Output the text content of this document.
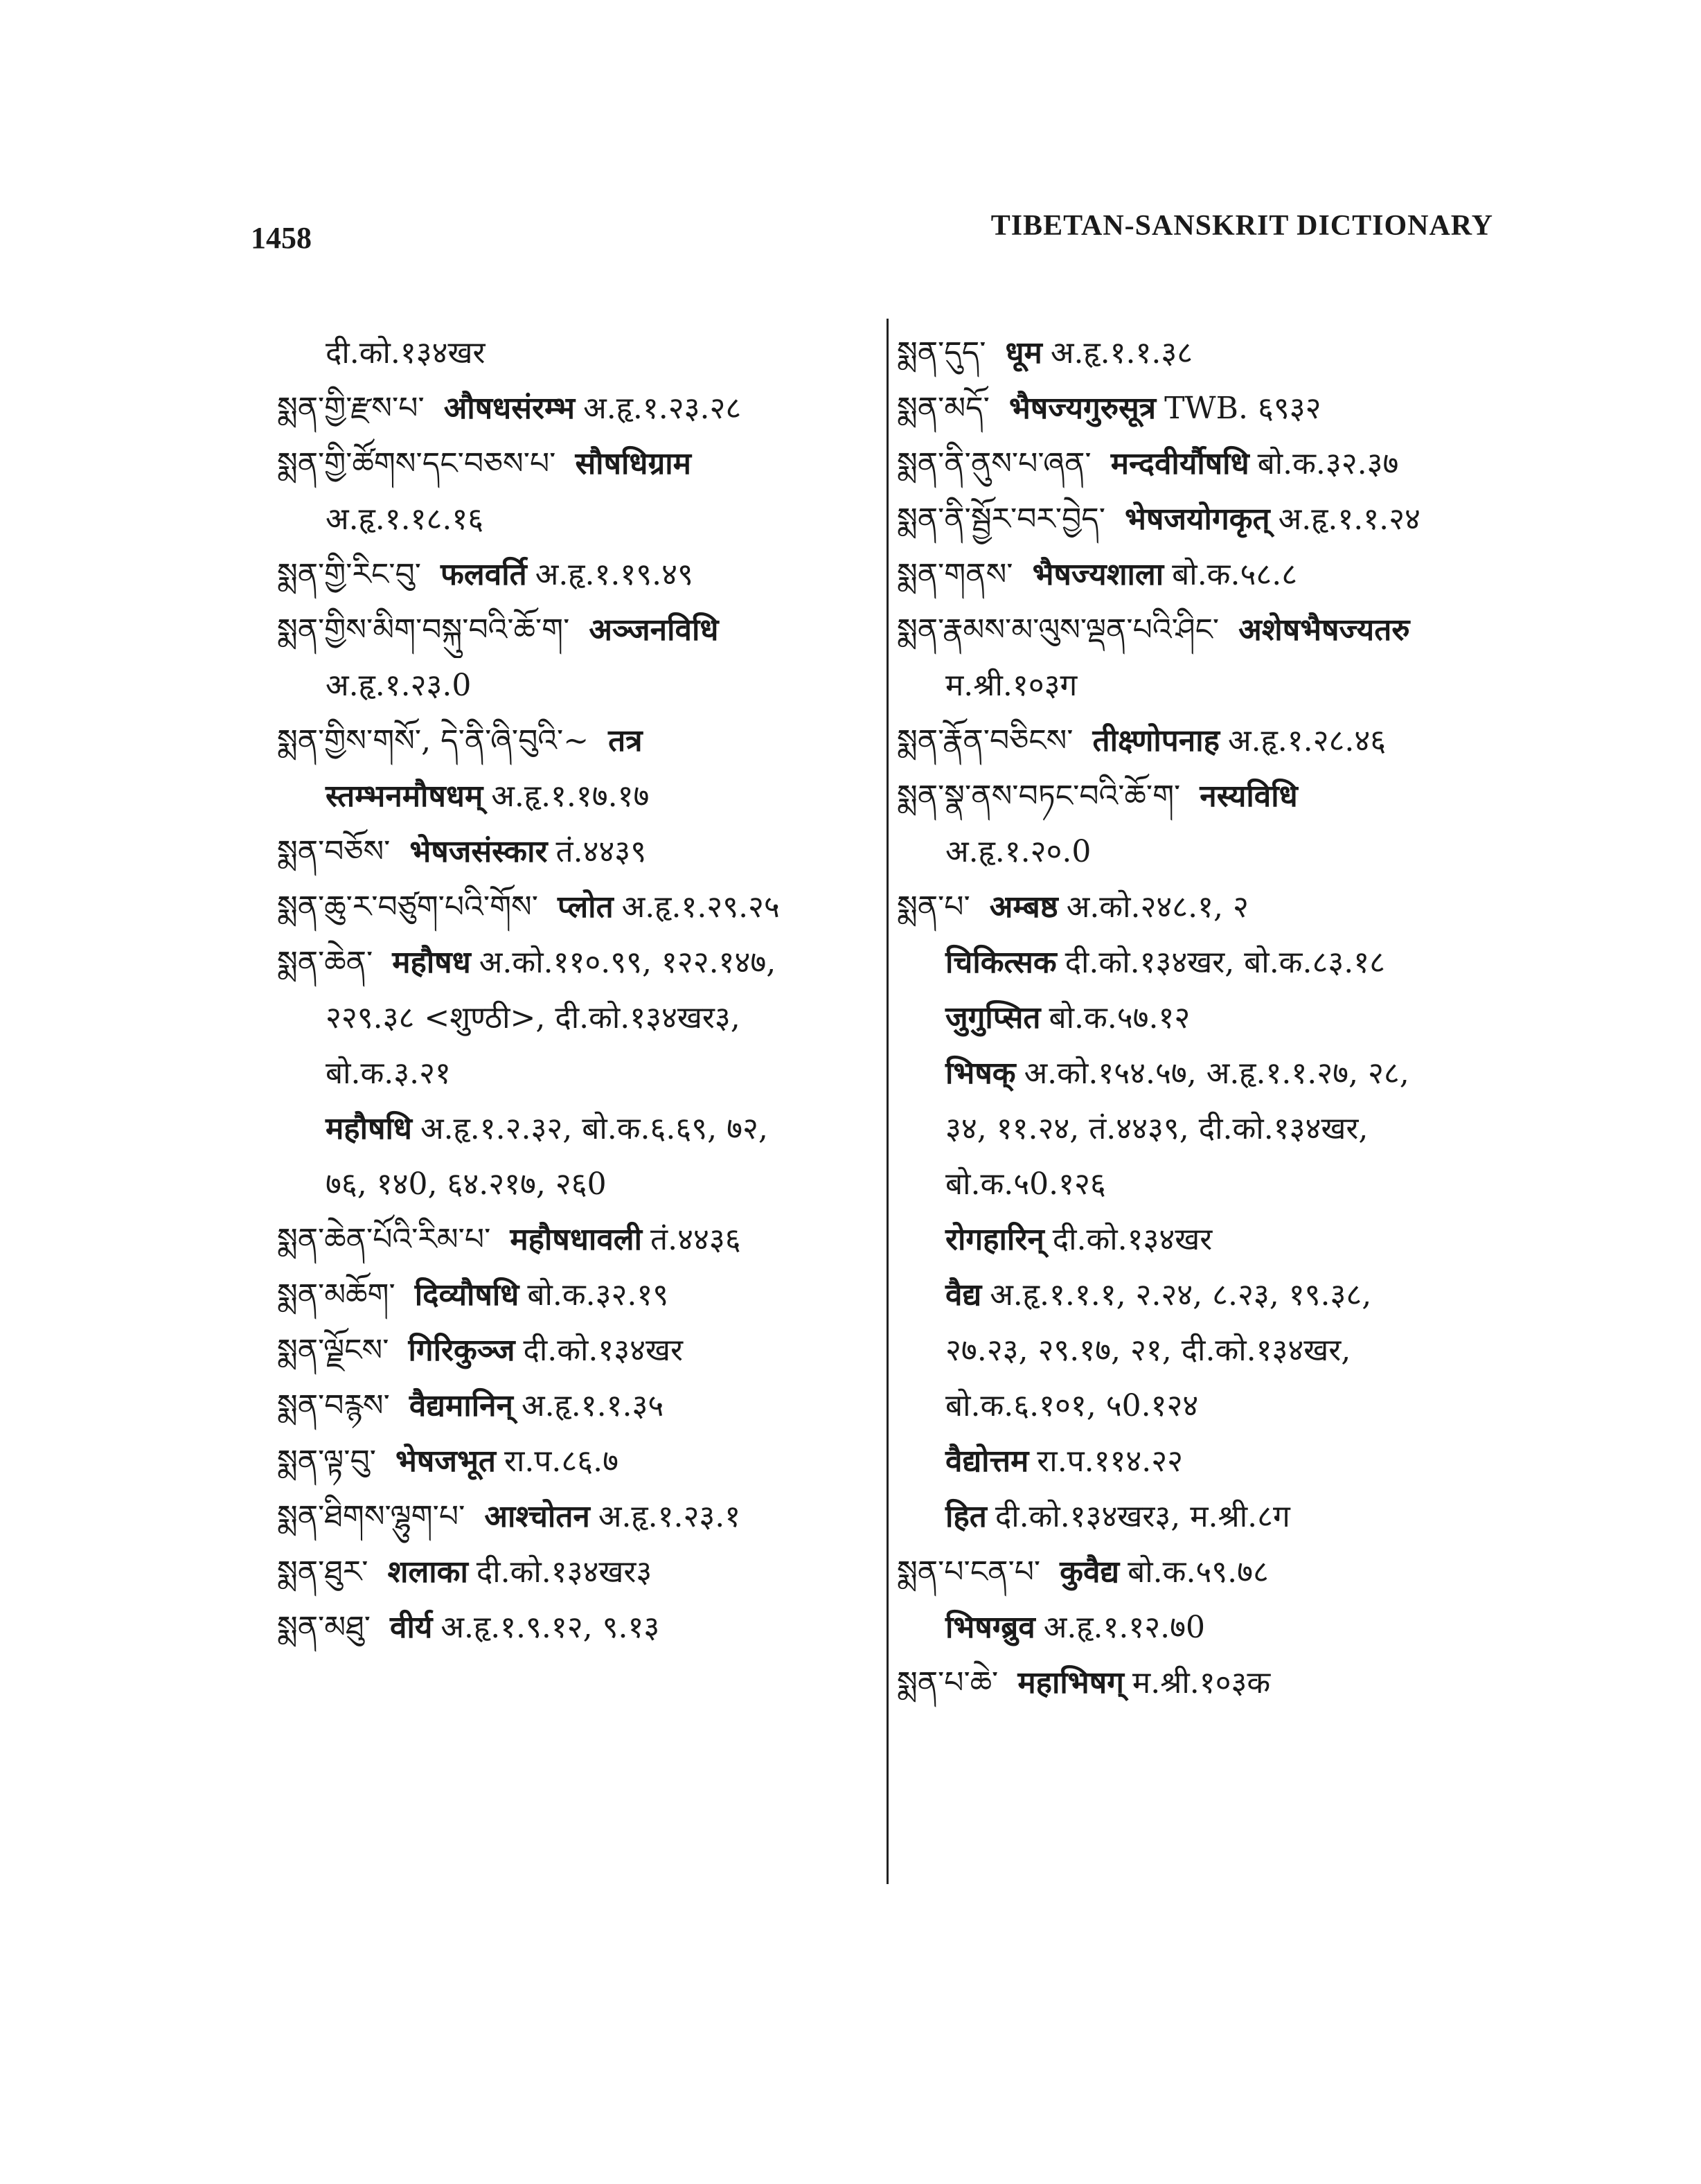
1458	TIBETAN-SANSKRIT DICTIONARY
दी.को.१३४खर
སྨན་གྱི་རྫས་པ་ औषधसंरम्भ अ.हृ.१.२३.२८
སྨན་གྱི་ཚོགས་དང་བཅས་པ་ सौषधिग्राम
अ.हृ.१.१८.१६
སྨན་གྱི་རིང་བུ་ फलवर्ति अ.हृ.१.१९.४९
སྨན་གྱིས་མིག་བསྐུ་བའི་ཆོ་ག་ अञ्जनविधि
अ.हृ.१.२३.0
སྨན་གྱིས་གསོ་, དེ་ནི་ཞི་བུའི་~ तत्र
स्तम्भनमौषधम् अ.हृ.१.१७.१७
སྨན་བཅོས་ भेषजसंस्कार तं.४४३९
སྨན་ཆུ་ར་བཙུག་པའི་གོས་ प्लोत अ.हृ.१.२९.२५
སྨན་ཆེན་ महौषध अ.को.११०.९९, १२२.१४७,
२२९.३८ <शुण्ठी>, दी.को.१३४खर३,
बो.क.३.२१
महौषधि अ.हृ.१.२.३२, बो.क.६.६९, ७२,
७६, १४0, ६४.२१७, २६0
སྨན་ཆེན་པོའི་རིམ་པ་ महौषधावली तं.४४३६
སྨན་མཆོག་ दिव्यौषधि बो.क.३२.१९
སྨན་ལྗོངས་ गिरिकुञ्ज दी.को.१३४खर
སྨན་བརྙས་ वैद्यमानिन् अ.हृ.१.१.३५
སྨན་ལྟ་བུ་ भेषजभूत रा.प.८६.७
སྨན་ཐིགས་ལྷུག་པ་ आश्चोतन अ.हृ.१.२३.१
སྨན་ཐུར་ शलाका दी.को.१३४खर३
སྨན་མཐུ་ वीर्य अ.हृ.१.९.१२, ९.१३
སྨན་དུད་ धूम अ.हृ.१.१.३८
སྨན་མདོ་ भैषज्यगुरुसूत्र TWB. ६९३२
སྨན་ནི་ནུས་པ་ཞན་ मन्दवीर्यौषधि बो.क.३२.३७
སྨན་ནི་སྦྱོར་བར་བྱེད་ भेषजयोगकृत् अ.हृ.१.१.२४
སྨན་གནས་ भैषज्यशाला बो.क.५८.८
སྨན་རྣམས་མ་ལུས་ལྡན་པའི་ཤིང་ अशेषभैषज्यतरु
म.श्री.१०३ग
སྨན་རྣོན་བཅིངས་ तीक्ष्णोपनाह अ.हृ.१.२८.४६
སྨན་སྣ་ནས་བཏང་བའི་ཆོ་ག་ नस्यविधि
अ.हृ.१.२०.0
སྨན་པ་ अम्बष्ठ अ.को.२४८.१, २
चिकित्सक दी.को.१३४खर, बो.क.८३.१८
जुगुप्सित बो.क.५७.१२
भिषक् अ.को.१५४.५७, अ.हृ.१.१.२७, २८,
३४, ११.२४, तं.४४३९, दी.को.१३४खर,
बो.क.५0.१२६
रोगहारिन् दी.को.१३४खर
वैद्य अ.हृ.१.१.१, २.२४, ८.२३, १९.३८,
२७.२३, २९.१७, २१, दी.को.१३४खर,
बो.क.६.१०१, ५0.१२४
वैद्योत्तम रा.प.११४.२२
हित दी.को.१३४खर३, म.श्री.८ग
སྨན་པ་ངན་པ་ कुवैद्य बो.क.५९.७८
भिषग्ब्रुव अ.हृ.१.१२.७0
སྨན་པ་ཆེ་ महाभिषग् म.श्री.१०३क
